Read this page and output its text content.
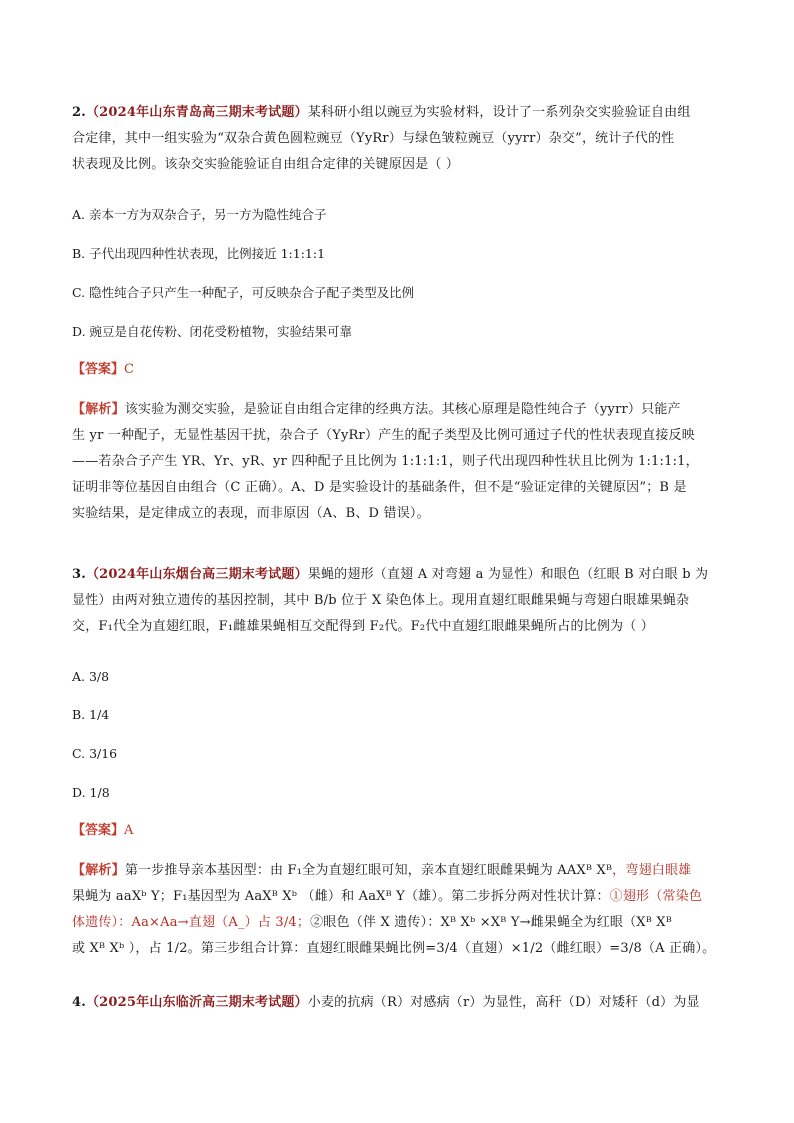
2.（2024年山东青岛高三期末考试题）某科研小组以豌豆为实验材料，设计了一系列杂交实验验证自由组
合定律，其中一组实验为“双杂合黄色圆粒豌豆（YyRr）与绿色皱粒豌豆（yyrr）杂交”，统计子代的性
状表现及比例。该杂交实验能验证自由组合定律的关键原因是（ ）

A. 亲本一方为双杂合子，另一方为隐性纯合子
B. 子代出现四种性状表现，比例接近 1:1:1:1
C. 隐性纯合子只产生一种配子，可反映杂合子配子类型及比例
D. 豌豆是自花传粉、闭花受粉植物，实验结果可靠
【答案】C

【解析】该实验为测交实验，是验证自由组合定律的经典方法。其核心原理是隐性纯合子（yyrr）只能产
生 yr 一种配子，无显性基因干扰，杂合子（YyRr）产生的配子类型及比例可通过子代的性状表现直接反映
——若杂合子产生 YR、Yr、yR、yr 四种配子且比例为 1:1:1:1，则子代出现四种性状且比例为 1:1:1:1，
证明非等位基因自由组合（C 正确）。A、D 是实验设计的基础条件，但不是“验证定律的关键原因”；B 是
实验结果，是定律成立的表现，而非原因（A、B、D 错误）。

3.（2024年山东烟台高三期末考试题）果蝇的翅形（直翅 A 对弯翅 a 为显性）和眼色（红眼 B 对白眼 b 为
显性）由两对独立遗传的基因控制，其中 B/b 位于 X 染色体上。现用直翅红眼雌果蝇与弯翅白眼雄果蝇杂
交，F₁代全为直翅红眼，F₁雌雄果蝇相互交配得到 F₂代。F₂代中直翅红眼雌果蝇所占的比例为（ ）

A. 3/8
B. 1/4
C. 3/16
D. 1/8
【答案】A

【解析】第一步推导亲本基因型：由 F₁全为直翅红眼可知，亲本直翅红眼雌果蝇为 AAXᴮ Xᴮ，弯翅白眼雄
果蝇为 aaXᵇ Y；F₁基因型为 AaXᴮ Xᵇ （雌）和 AaXᴮ Y（雄）。第二步拆分两对性状计算：①翅形（常染色
体遗传）：Aa×Aa→直翅（A_）占 3/4；②眼色（伴 X 遗传）：Xᴮ Xᵇ ×Xᴮ Y→雌果蝇全为红眼（Xᴮ Xᴮ
或 Xᴮ Xᵇ ），占 1/2。第三步组合计算：直翅红眼雌果蝇比例=3/4（直翅）×1/2（雌红眼）=3/8（A 正确）。

4.（2025年山东临沂高三期末考试题）小麦的抗病（R）对感病（r）为显性，高秆（D）对矮秆（d）为显
